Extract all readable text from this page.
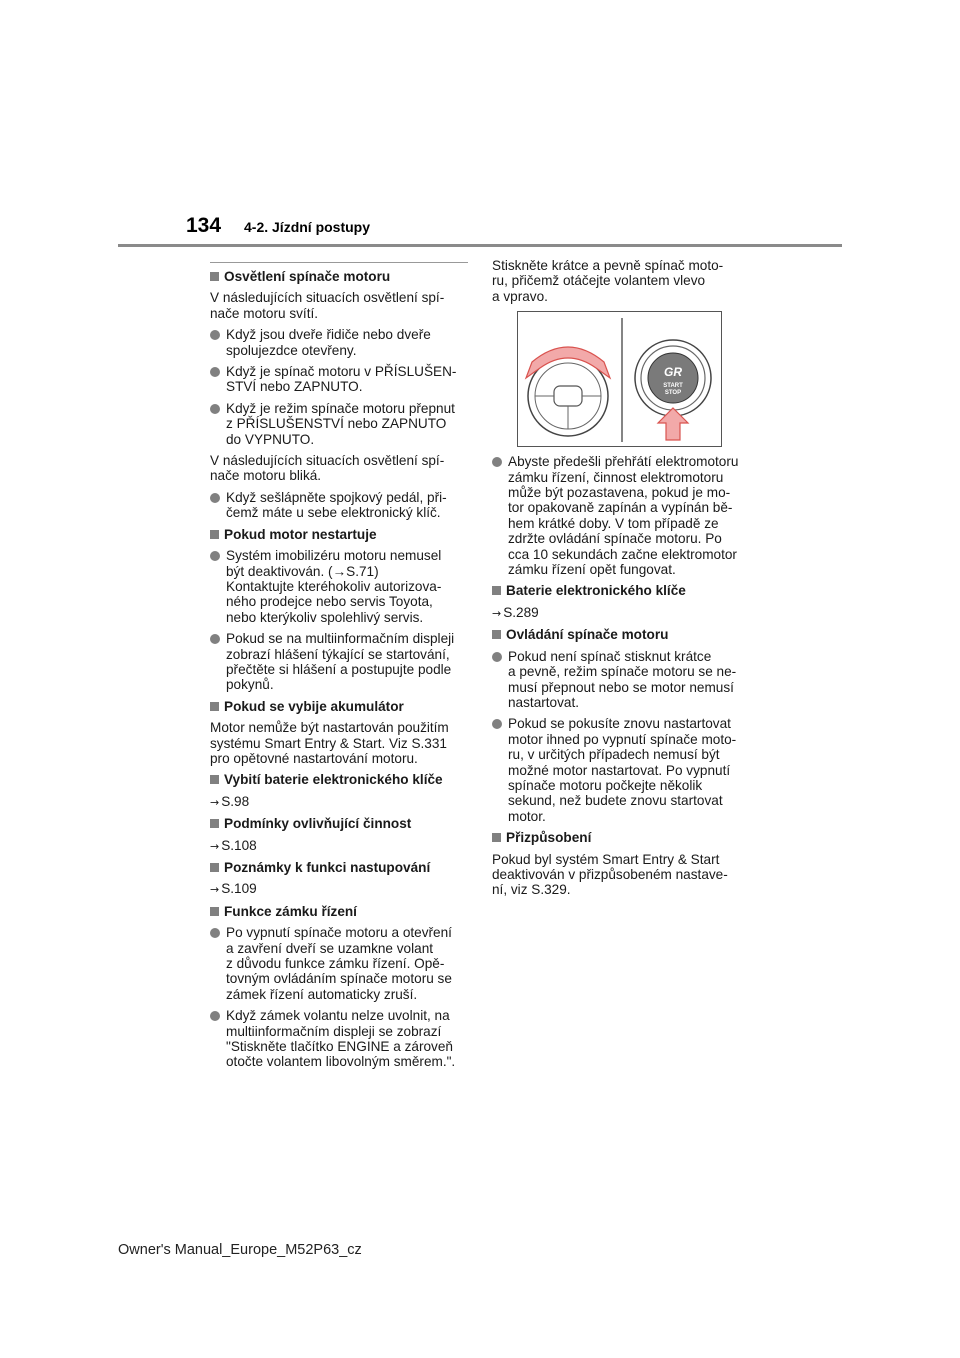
134 4-2. Jízdní postupy
Osvětlení spínače motoru
V následujících situacích osvětlení spí-
nače motoru svítí.
Když jsou dveře řidiče nebo dveře
spolujezdce otevřeny.
Když je spínač motoru v PŘÍSLUŠEN-
STVÍ nebo ZAPNUTO.
Když je režim spínače motoru přepnut
z PŘÍSLUŠENSTVÍ nebo ZAPNUTO
do VYPNUTO.
V následujících situacích osvětlení spí-
nače motoru bliká.
Když sešlápněte spojkový pedál, při-
čemž máte u sebe elektronický klíč.
Pokud motor nestartuje
Systém imobilizéru motoru nemusel
být deaktivován. (→S.71)
Kontaktujte kteréhokoliv autorizova-
ného prodejce nebo servis Toyota,
nebo kterýkoliv spolehlivý servis.
Pokud se na multiinformačním displeji
zobrazí hlášení týkající se startování,
přečtěte si hlášení a postupujte podle
pokynů.
Pokud se vybije akumulátor
Motor nemůže být nastartován použitím
systému Smart Entry & Start. Viz S.331
pro opětovné nastartování motoru.
Vybití baterie elektronického klíče
→ S.98
Podmínky ovlivňující činnost
→ S.108
Poznámky k funkci nastupování
→ S.109
Funkce zámku řízení
Po vypnutí spínače motoru a otevření
a zavření dveří se uzamkne volant
z důvodu funkce zámku řízení. Opě-
tovným ovládáním spínače motoru se
zámek řízení automaticky zruší.
Když zámek volantu nelze uvolnit, na
multiinformačním displeji se zobrazí
"Stiskněte tlačítko ENGINE a zároveň
otočte volantem libovolným směrem.".
Stiskněte krátce a pevně spínač moto-
ru, přičemž otáčejte volantem vlevo
a vpravo.
GR
START
STOP
Abyste předešli přehřátí elektromotoru
zámku řízení, činnost elektromotoru
může být pozastavena, pokud je mo-
tor opakovaně zapínán a vypínán bě-
hem krátké doby. V tom případě ze
zdržte ovládání spínače motoru. Po
cca 10 sekundách začne elektromotor
zámku řízení opět fungovat.
Baterie elektronického klíče
→ S.289
Ovládání spínače motoru
Pokud není spínač stisknut krátce
a pevně, režim spínače motoru se ne-
musí přepnout nebo se motor nemusí
nastartovat.
Pokud se pokusíte znovu nastartovat
motor ihned po vypnutí spínače moto-
ru, v určitých případech nemusí být
možné motor nastartovat. Po vypnutí
spínače motoru počkejte několik
sekund, než budete znovu startovat
motor.
Přizpůsobení
Pokud byl systém Smart Entry & Start
deaktivován v přizpůsobeném nastave-
ní, viz S.329.
Owner's Manual_Europe_M52P63_cz
